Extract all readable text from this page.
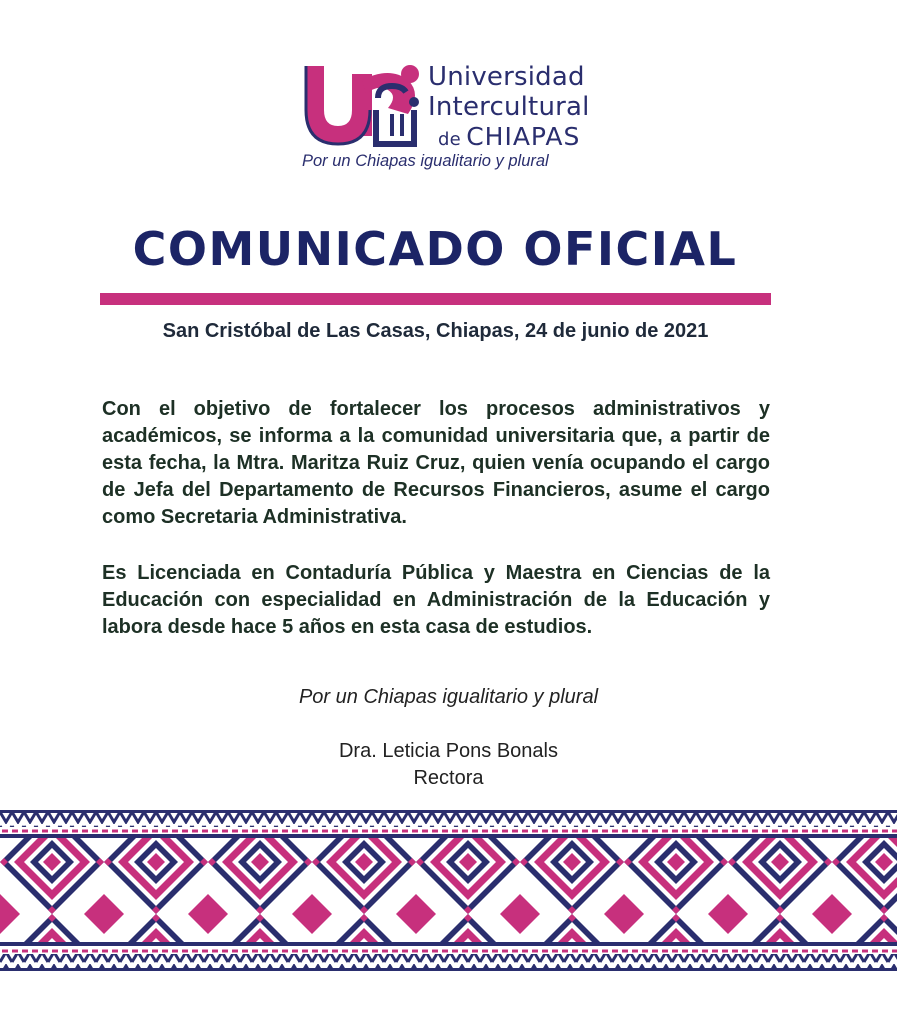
Universidad
Intercultural
de CHIAPAS
Por un Chiapas igualitario y plural
COMUNICADO OFICIAL
San Cristóbal de Las Casas, Chiapas, 24 de junio de 2021

Con el objetivo de fortalecer los procesos administrativos y académicos, se informa a la comunidad universitaria que, a partir de esta fecha, la Mtra. Maritza Ruiz Cruz, quien venía ocupando el cargo de Jefa del Departamento de Recursos Financieros, asume el cargo como Secretaria Administrativa.

Es Licenciada en Contaduría Pública y Maestra en Ciencias de la Educación con especialidad en Administración de la Educación y labora desde hace 5 años en esta casa de estudios.

Por un Chiapas igualitario y plural
Dra. Leticia Pons Bonals
Rectora
